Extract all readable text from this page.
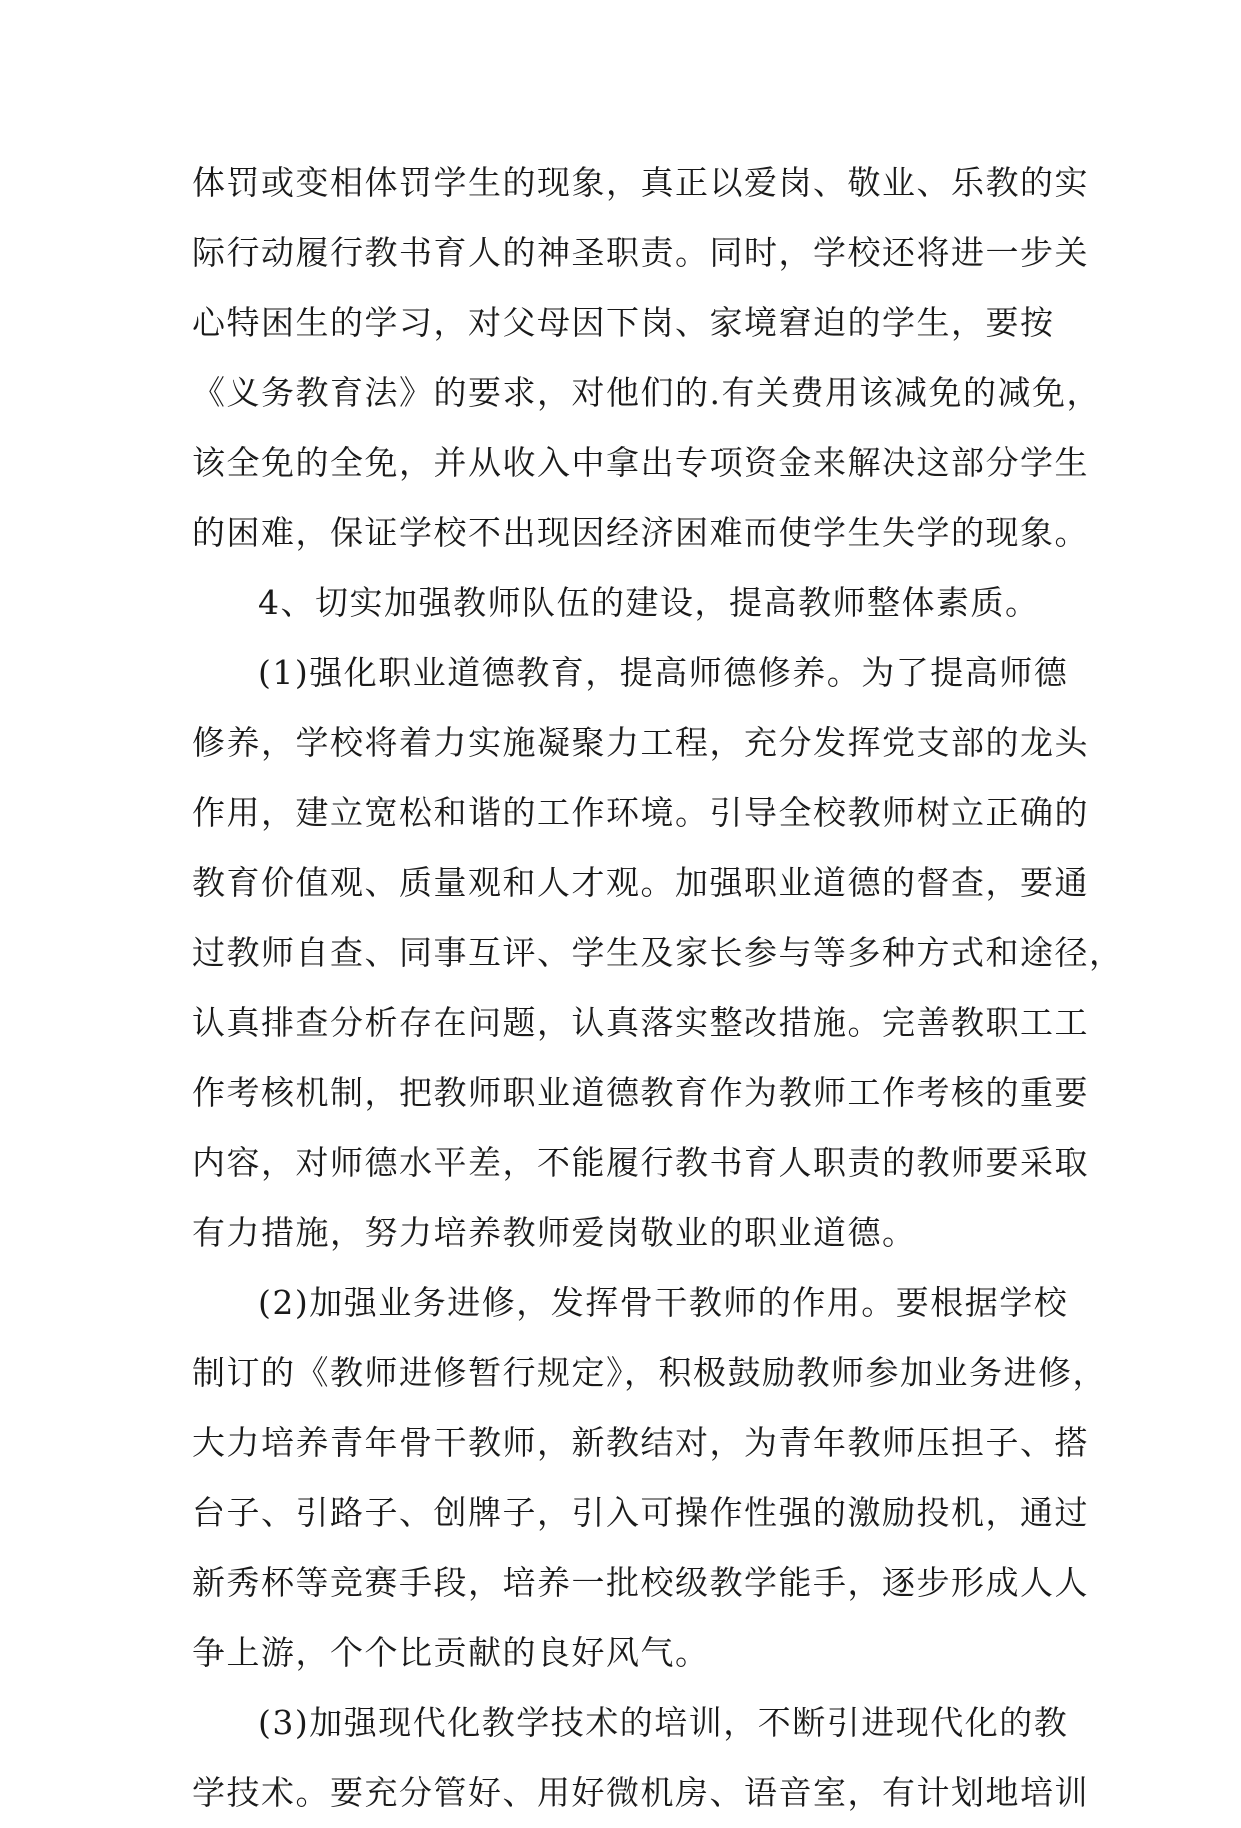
体罚或变相体罚学生的现象，真正以爱岗、敬业、乐教的实
际行动履行教书育人的神圣职责。同时，学校还将进一步关
心特困生的学习，对父母因下岗、家境窘迫的学生，要按
《义务教育法》的要求，对他们的.有关费用该减免的减免，
该全免的全免，并从收入中拿出专项资金来解决这部分学生
的困难，保证学校不出现因经济困难而使学生失学的现象。
4、切实加强教师队伍的建设，提高教师整体素质。
(1)强化职业道德教育，提高师德修养。为了提高师德
修养，学校将着力实施凝聚力工程，充分发挥党支部的龙头
作用，建立宽松和谐的工作环境。引导全校教师树立正确的
教育价值观、质量观和人才观。加强职业道德的督查，要通
过教师自查、同事互评、学生及家长参与等多种方式和途径，
认真排查分析存在问题，认真落实整改措施。完善教职工工
作考核机制，把教师职业道德教育作为教师工作考核的重要
内容，对师德水平差，不能履行教书育人职责的教师要采取
有力措施，努力培养教师爱岗敬业的职业道德。
(2)加强业务进修，发挥骨干教师的作用。要根据学校
制订的《教师进修暂行规定》，积极鼓励教师参加业务进修，
大力培养青年骨干教师，新教结对，为青年教师压担子、搭
台子、引路子、创牌子，引入可操作性强的激励投机，通过
新秀杯等竞赛手段，培养一批校级教学能手，逐步形成人人
争上游，个个比贡献的良好风气。
(3)加强现代化教学技术的培训，不断引进现代化的教
学技术。要充分管好、用好微机房、语音室，有计划地培训
